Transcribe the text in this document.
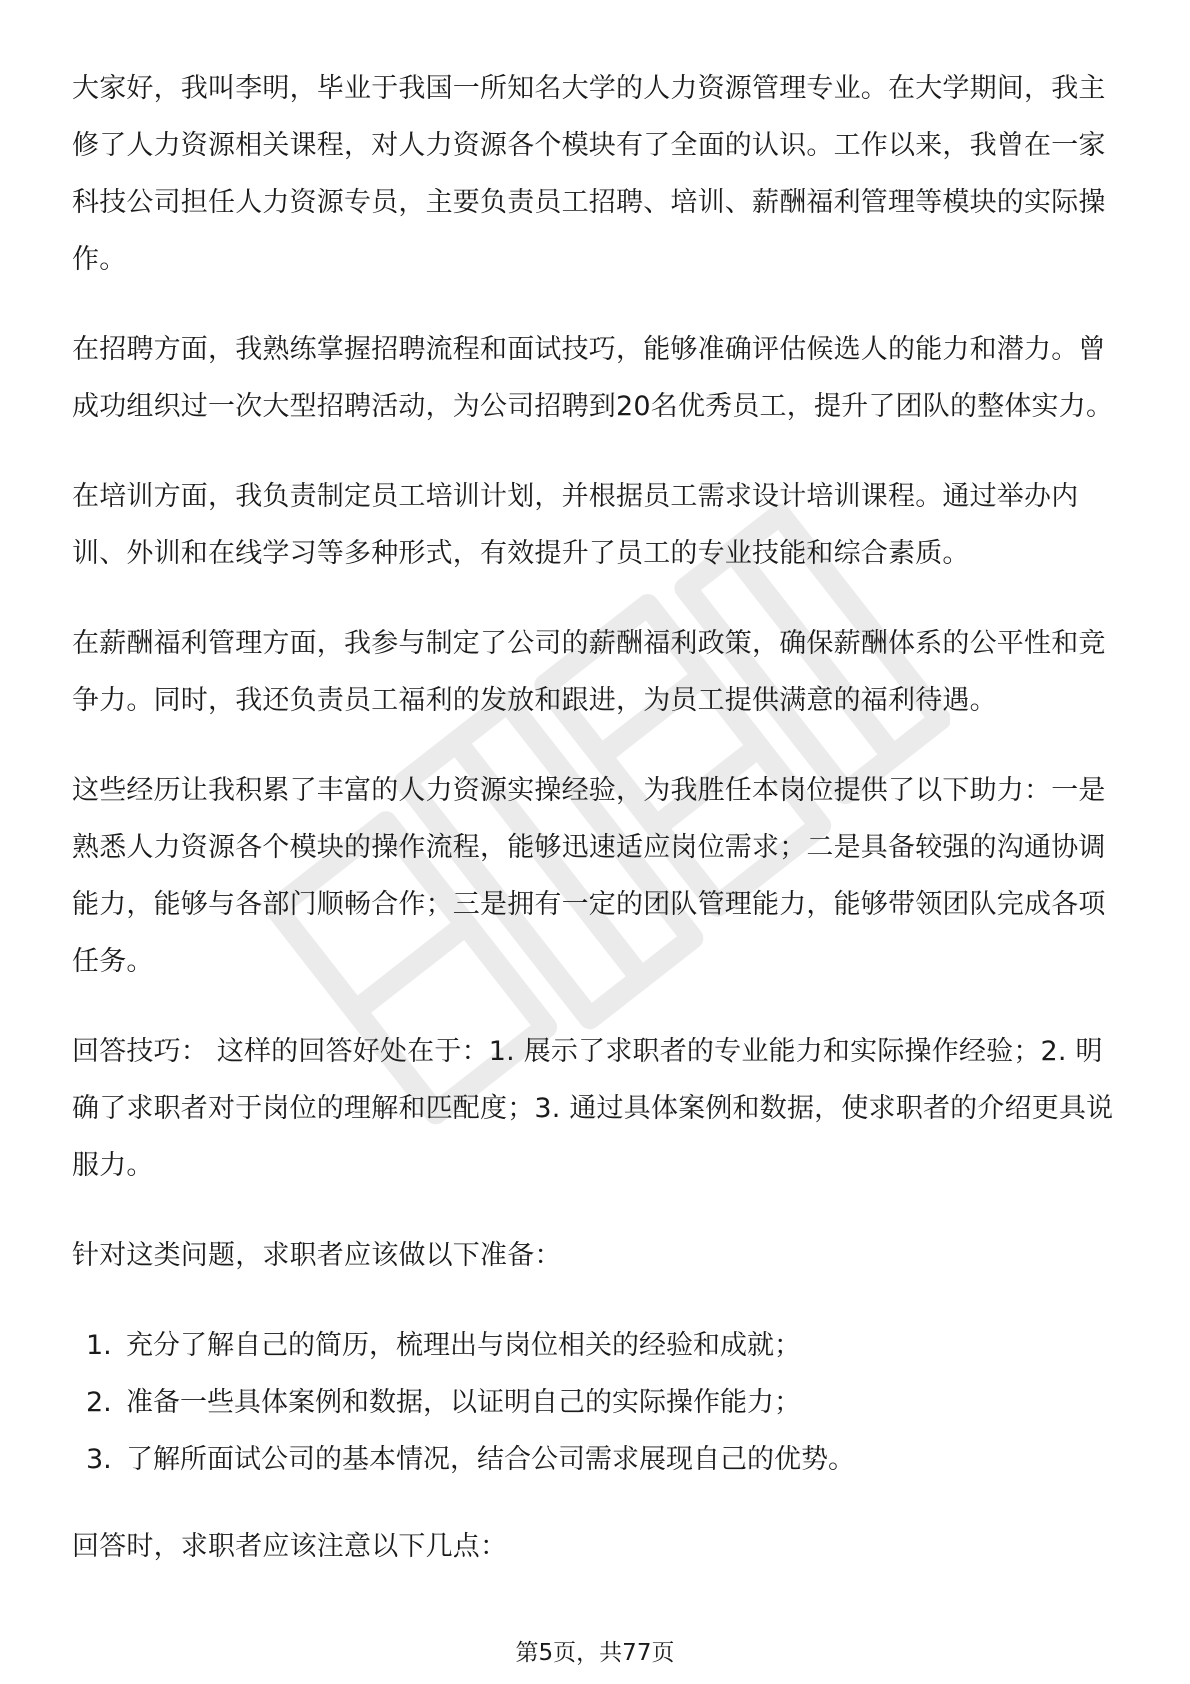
大家好，我叫李明，毕业于我国一所知名大学的人力资源管理专业。在大学期间，我主修了人力资源相关课程，对人力资源各个模块有了全面的认识。工作以来，我曾在一家科技公司担任人力资源专员，主要负责员工招聘、培训、薪酬福利管理等模块的实际操作。

在招聘方面，我熟练掌握招聘流程和面试技巧，能够准确评估候选人的能力和潜力。曾成功组织过一次大型招聘活动，为公司招聘到20名优秀员工，提升了团队的整体实力。

在培训方面，我负责制定员工培训计划，并根据员工需求设计培训课程。通过举办内训、外训和在线学习等多种形式，有效提升了员工的专业技能和综合素质。

在薪酬福利管理方面，我参与制定了公司的薪酬福利政策，确保薪酬体系的公平性和竞争力。同时，我还负责员工福利的发放和跟进，为员工提供满意的福利待遇。

这些经历让我积累了丰富的人力资源实操经验，为我胜任本岗位提供了以下助力：一是熟悉人力资源各个模块的操作流程，能够迅速适应岗位需求；二是具备较强的沟通协调能力，能够与各部门顺畅合作；三是拥有一定的团队管理能力，能够带领团队完成各项任务。

回答技巧： 这样的回答好处在于：1. 展示了求职者的专业能力和实际操作经验；2. 明确了求职者对于岗位的理解和匹配度；3. 通过具体案例和数据，使求职者的介绍更具说服力。

针对这类问题，求职者应该做以下准备：

1. 充分了解自己的简历，梳理出与岗位相关的经验和成就；
2. 准备一些具体案例和数据，以证明自己的实际操作能力；
3. 了解所面试公司的基本情况，结合公司需求展现自己的优势。

回答时，求职者应该注意以下几点：

第5页，共77页
